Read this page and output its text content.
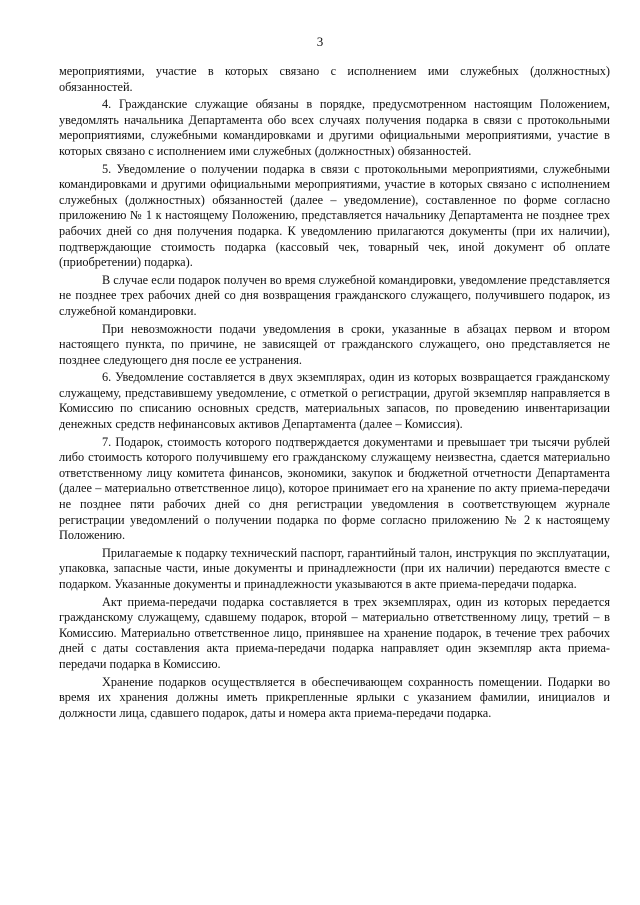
3

мероприятиями, участие в которых связано с исполнением ими служебных (должностных) обязанностей.

4. Гражданские служащие обязаны в порядке, предусмотренном настоящим Положением, уведомлять начальника Департамента обо всех случаях получения подарка в связи с протокольными мероприятиями, служебными командировками и другими официальными мероприятиями, участие в которых связано с исполнением ими служебных (должностных) обязанностей.

5. Уведомление о получении подарка в связи с протокольными мероприятиями, служебными командировками и другими официальными мероприятиями, участие в которых связано с исполнением служебных (должностных) обязанностей (далее – уведомление), составленное по форме согласно приложению № 1 к настоящему Положению, представляется начальнику Департамента не позднее трех рабочих дней со дня получения подарка. К уведомлению прилагаются документы (при их наличии), подтверждающие стоимость подарка (кассовый чек, товарный чек, иной документ об оплате (приобретении) подарка).

В случае если подарок получен во время служебной командировки, уведомление представляется не позднее трех рабочих дней со дня возвращения гражданского служащего, получившего подарок, из служебной командировки.

При невозможности подачи уведомления в сроки, указанные в абзацах первом и втором настоящего пункта, по причине, не зависящей от гражданского служащего, оно представляется не позднее следующего дня после ее устранения.

6. Уведомление составляется в двух экземплярах, один из которых возвращается гражданскому служащему, представившему уведомление, с отметкой о регистрации, другой экземпляр направляется в Комиссию по списанию основных средств, материальных запасов, по проведению инвентаризации денежных средств нефинансовых активов Департамента (далее – Комиссия).

7. Подарок, стоимость которого подтверждается документами и превышает три тысячи рублей либо стоимость которого получившему его гражданскому служащему неизвестна, сдается материально ответственному лицу комитета финансов, экономики, закупок и бюджетной отчетности Департамента (далее – материально ответственное лицо), которое принимает его на хранение по акту приема-передачи не позднее пяти рабочих дней со дня регистрации уведомления в соответствующем журнале регистрации уведомлений о получении подарка по форме согласно приложению № 2 к настоящему Положению.

Прилагаемые к подарку технический паспорт, гарантийный талон, инструкция по эксплуатации, упаковка, запасные части, иные документы и принадлежности (при их наличии) передаются вместе с подарком. Указанные документы и принадлежности указываются в акте приема-передачи подарка.

Акт приема-передачи подарка составляется в трех экземплярах, один из которых передается гражданскому служащему, сдавшему подарок, второй – материально ответственному лицу, третий – в Комиссию. Материально ответственное лицо, принявшее на хранение подарок, в течение трех рабочих дней с даты составления акта приема-передачи подарка направляет один экземпляр акта приема-передачи подарка в Комиссию.

Хранение подарков осуществляется в обеспечивающем сохранность помещении. Подарки во время их хранения должны иметь прикрепленные ярлыки с указанием фамилии, инициалов и должности лица, сдавшего подарок, даты и номера акта приема-передачи подарка.
